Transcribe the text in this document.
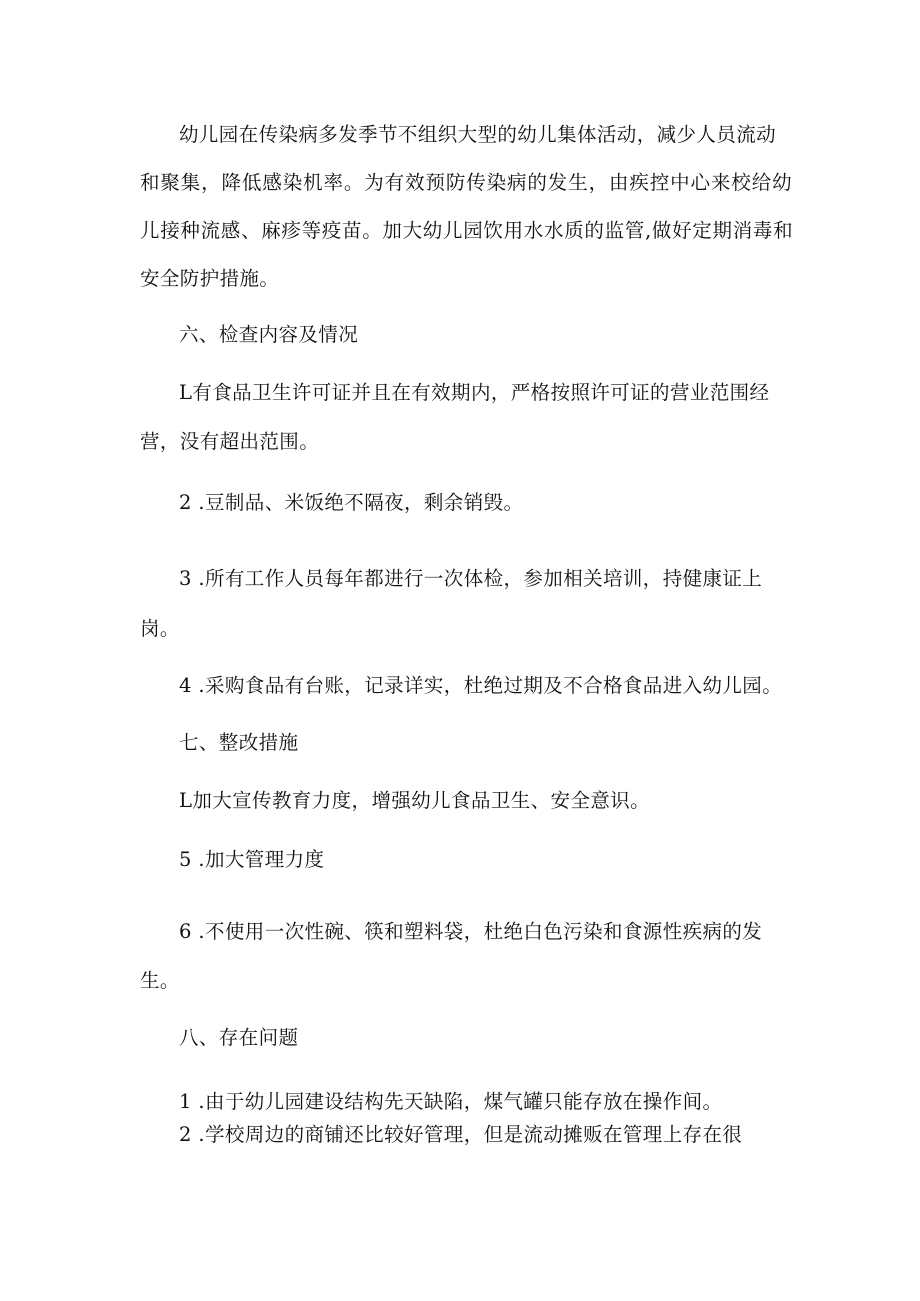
幼儿园在传染病多发季节不组织大型的幼儿集体活动，减少人员流动
和聚集，降低感染机率。为有效预防传染病的发生，由疾控中心来校给幼
儿接种流感、麻疹等疫苗。加大幼儿园饮用水水质的监管,做好定期消毒和
安全防护措施。
六、检查内容及情况
L有食品卫生许可证并且在有效期内，严格按照许可证的营业范围经
营，没有超出范围。
2 .豆制品、米饭绝不隔夜，剩余销毁。
3 .所有工作人员每年都进行一次体检，参加相关培训，持健康证上
岗。
4 .采购食品有台账，记录详实，杜绝过期及不合格食品进入幼儿园。
七、整改措施
L加大宣传教育力度，增强幼儿食品卫生、安全意识。
5 .加大管理力度
6 .不使用一次性碗、筷和塑料袋，杜绝白色污染和食源性疾病的发
生。
八、存在问题
1 .由于幼儿园建设结构先天缺陷，煤气罐只能存放在操作间。
2 .学校周边的商铺还比较好管理，但是流动摊贩在管理上存在很
